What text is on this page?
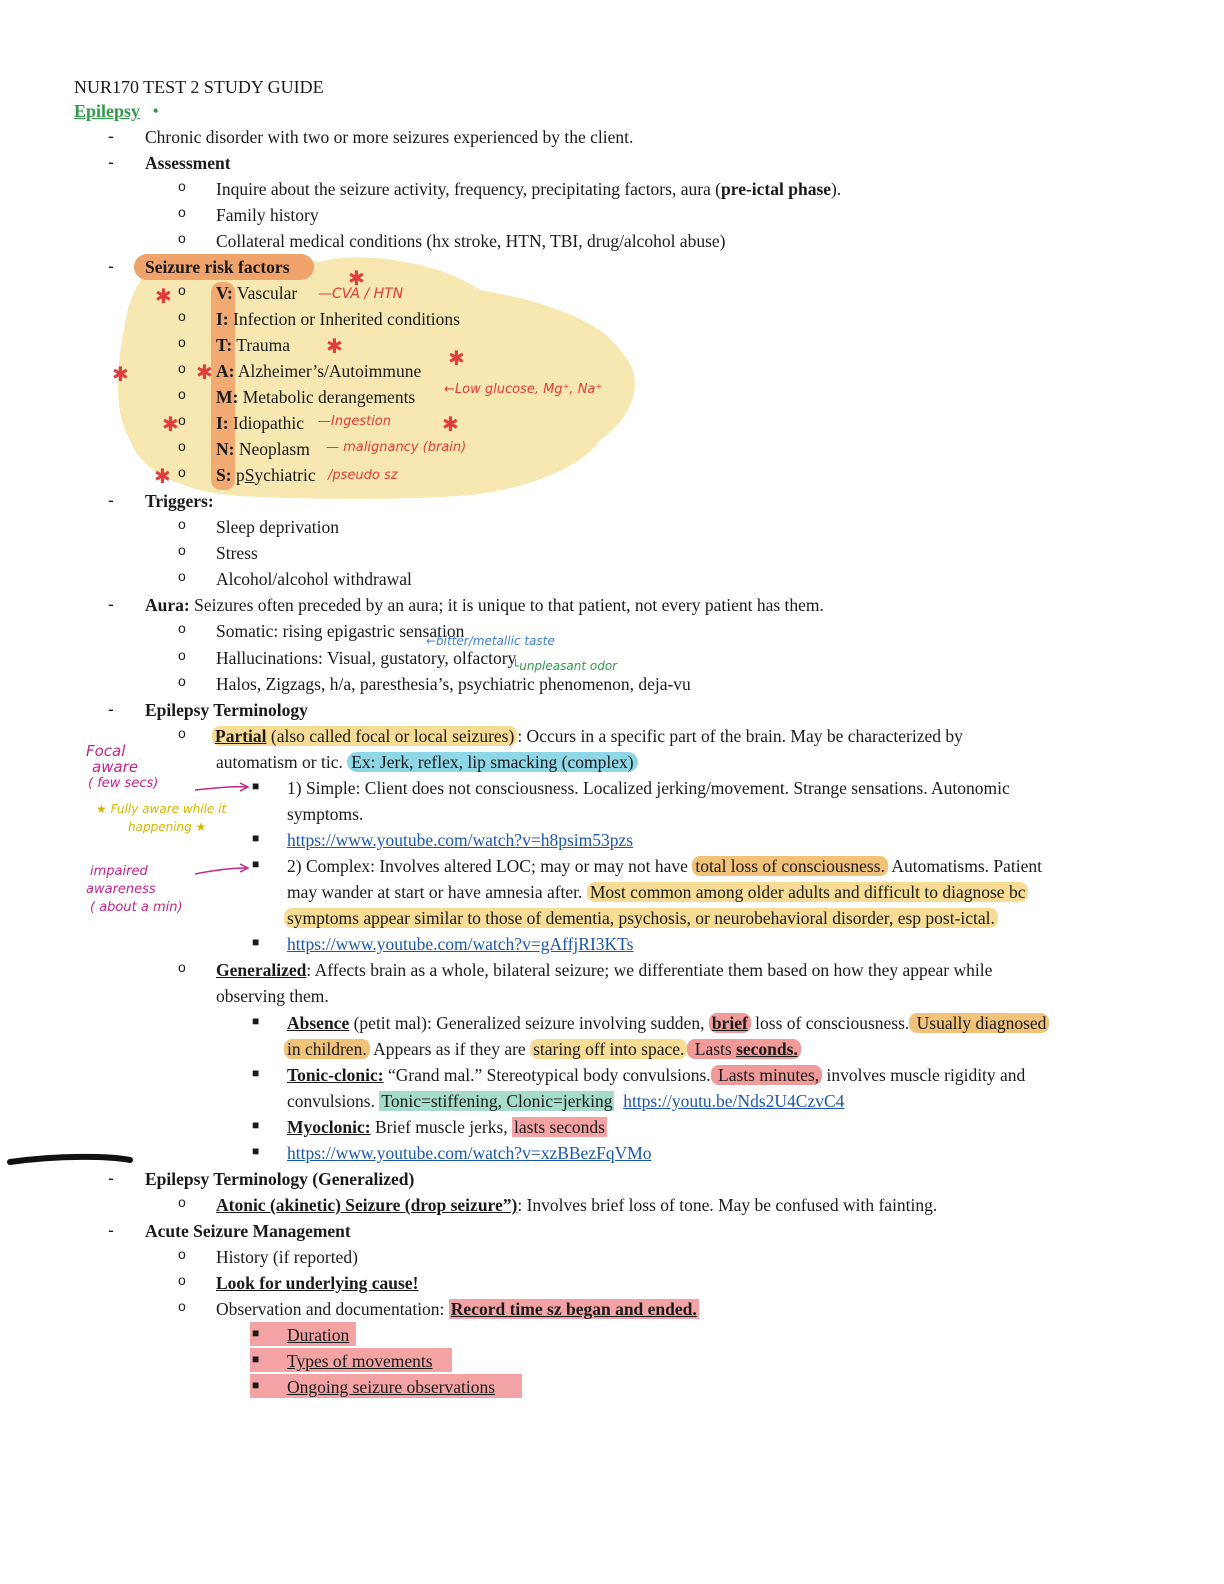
NUR170 TEST 2 STUDY GUIDE
Epilepsy •
- Chronic disorder with two or more seizures experienced by the client.
- Assessment
o Inquire about the seizure activity, frequency, precipitating factors, aura (pre-ictal phase).
o Family history
o Collateral medical conditions (hx stroke, HTN, TBI, drug/alcohol abuse)
- Seizure risk factors
o V: Vascular
o I: Infection or Inherited conditions
o T: Trauma
o A: Alzheimer’s/Autoimmune
o M: Metabolic derangements
o I: Idiopathic
o N: Neoplasm
o S: pSychiatric
—CVA / HTN
←Low glucose, Mg⁺, Na⁺
—Ingestion
— malignancy (brain)
/pseudo sz
✱
✱
✱
✱	✱
✱
✱	✱
✱
- Triggers:
o Sleep deprivation
o Stress
o Alcohol/alcohol withdrawal
- Aura: Seizures often preceded by an aura; it is unique to that patient, not every patient has them.
o Somatic: rising epigastric sensation
o Hallucinations: Visual, gustatory, olfactory
o Halos, Zigzags, h/a, paresthesia’s, psychiatric phenomenon, deja-vu
←bitter/metallic taste
└unpleasant odor
- Epilepsy Terminology
o Partial (also called focal or local seizures) : Occurs in a specific part of the brain. May be characterized by
automatism or tic. Ex: Jerk, reflex, lip smacking (complex)
■ 1) Simple: Client does not consciousness. Localized jerking/movement. Strange sensations. Autonomic
symptoms.
■ https://www.youtube.com/watch?v=h8psim53pzs
■ 2) Complex: Involves altered LOC; may or may not have total loss of consciousness. Automatisms. Patient
may wander at start or have amnesia after. Most common among older adults and difficult to diagnose bc
symptoms appear similar to those of dementia, psychosis, or neurobehavioral disorder, esp post-ictal.
■ https://www.youtube.com/watch?v=gAffjRI3KTs
o Generalized: Affects brain as a whole, bilateral seizure; we differentiate them based on how they appear while
observing them.
■ Absence (petit mal): Generalized seizure involving sudden, brief loss of consciousness. Usually diagnosed
in children. Appears as if they are staring off into space. Lasts seconds.
■ Tonic-clonic: “Grand mal.” Stereotypical body convulsions. Lasts minutes, involves muscle rigidity and
convulsions. Tonic=stiffening, Clonic=jerking https://youtu.be/Nds2U4CzvC4
■ Myoclonic: Brief muscle jerks, lasts seconds
■ https://www.youtube.com/watch?v=xzBBezFqVMo
Focal
aware
( few secs)
★ Fully aware while it
happening ★
impaired
awareness
( about a min)
- Epilepsy Terminology (Generalized)
o Atonic (akinetic) Seizure (drop seizure”): Involves brief loss of tone. May be confused with fainting.
- Acute Seizure Management
o History (if reported)
o Look for underlying cause!
o Observation and documentation: Record time sz began and ended.
■ Duration
■ Types of movements
■ Ongoing seizure observations
